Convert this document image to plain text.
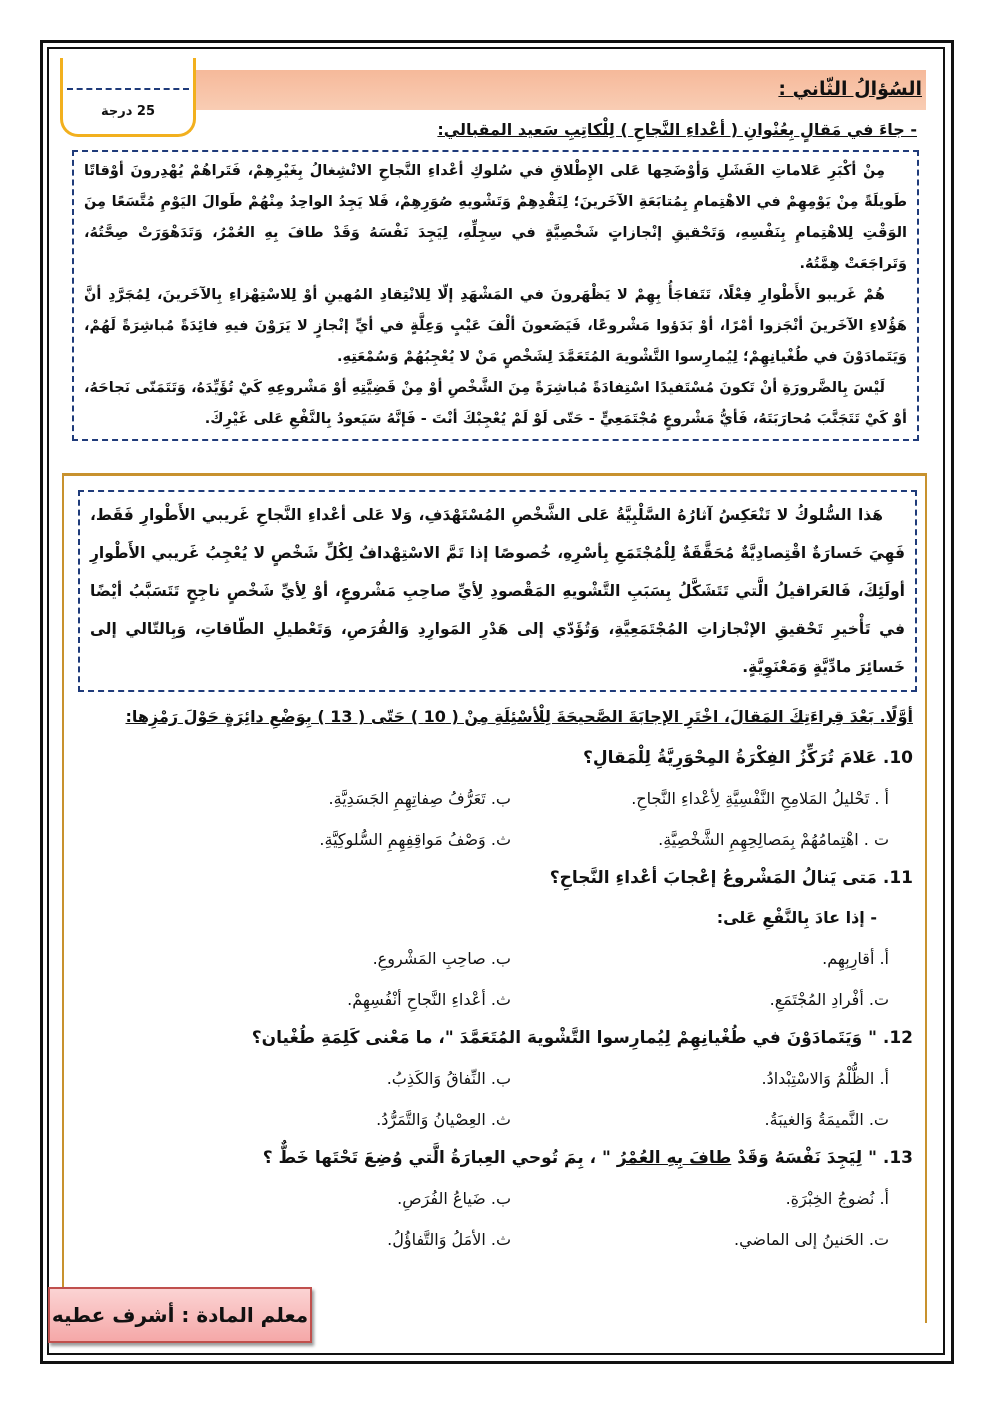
السُؤالُ الثّاني :
25 درجة
- جاءَ في مَقالٍ بِعُنْوانِ ( أعْداءِ النَّجاحِ ) لِلْكاتِبِ سَعيد المقبالي:

مِنْ أكْبَرِ عَلاماتِ الفَشَلِ وَأوْضَحِها عَلى الإِطْلاقِ في سُلوكِ أعْداءِ النَّجاحِ الانْشِغالُ بِغَيْرِهِمْ، فَتَراهُمْ يُهْدِرونَ أوْقاتًا طَويلَةً مِنْ يَوْمِهِمْ في الاهْتِمامِ بِمُتابَعَةِ الآخَرينَ؛ لِنَقْدِهِمْ وَتَشْويهِ صُوَرِهِمْ، فَلا يَجِدُ الواحِدُ مِنْهُمْ طَوالَ اليَوْمِ مُتَّسَعًا مِنَ الوَقْتِ لِلاهْتِمامِ بِنَفْسِهِ، وَتَحْقيقِ إنْجازاتٍ شَخْصِيَّةٍ في سِجِلِّهِ، لِيَجِدَ نَفْسَهُ وَقَدْ طافَ بِهِ العُمْرُ، وَتَدَهْوَرَتْ صِحَّتُهُ، وَتَراجَعَتْ هِمَّتُهُ.

هُمْ غَريبو الأَطْوارِ فِعْلًا، تَتَفاجَأُ بِهِمْ لا يَظْهَرونَ في المَشْهَدِ إلّا لِلانْتِقادِ المُهينِ أوْ لِلاسْتِهْزاءِ بِالآخَرينَ، لِمُجَرَّدِ أنَّ هَؤُلاءِ الآخَرينَ أنْجَزوا أمْرًا، أوْ بَدَؤوا مَشْروعًا، فَيَضَعونَ ألْفَ عَيْبٍ وَعِلَّةٍ في أيِّ إنْجازٍ لا يَرَوْنَ فيهِ فائِدَةً مُباشِرَةً لَهُمْ، وَيَتَمادَوْنَ في طُغْيانِهِمْ؛ لِيُمارِسوا التَّشْويهَ المُتَعَمَّدَ لِشَخْصٍ مَنْ لا يُعْجِبُهُمْ وَسُمْعَتِهِ.

لَيْسَ بِالضَّرورَةِ أنْ تَكونَ مُسْتَفيدًا اسْتِفادَةً مُباشِرَةً مِنَ الشَّخْصِ أوْ مِنْ قَضِيَّتِهِ أوْ مَشْروعِهِ كَيْ تُؤَيِّدَهُ، وَتَتَمَنّى نَجاحَهُ، أوْ كَيْ تَتَجَنَّبَ مُحارَبَتَهُ، فَأيُّ مَشْروعٍ مُجْتَمَعِيٍّ - حَتّى لَوْ لَمْ يُعْجِبْكَ أنْتَ - فَإنَّهُ سَيَعودُ بِالنَّفْعِ عَلى غَيْرِكَ.

هَذا السُّلوكُ لا تَنْعَكِسُ آثارُهُ السَّلْبِيَّةُ عَلى الشَّخْصِ المُسْتَهْدَفِ، وَلا عَلى أعْداءِ النَّجاحِ غَريبي الأَطْوارِ فَقَط، فَهِيَ خَسارَةٌ اقْتِصادِيَّةٌ مُحَقَّقَةٌ لِلْمُجْتَمَعِ بِأسْرِهِ، خُصوصًا إذا تَمَّ الاسْتِهْدافُ لِكُلِّ شَخْصٍ لا يُعْجِبُ غَريبي الأَطْوارِ أولَئِكَ، فَالعَراقيلُ الَّتي تَتَشَكَّلُ بِسَبَبِ التَّشْويهِ المَقْصودِ لِأيِّ صاحِبِ مَشْروعٍ، أوْ لِأيِّ شَخْصٍ ناجِحٍ تَتَسَبَّبُ أيْضًا في تَأْخيرِ تَحْقيقِ الإنْجازاتِ المُجْتَمَعِيَّةِ، وَتُؤَدّي إلى هَدْرِ المَوارِدِ وَالفُرَصِ، وَتَعْطيلِ الطّاقاتِ، وَبِالتّالي إلى خَسائِرَ مادِّيَّةٍ وَمَعْنَوِيَّةٍ.

أوَّلًا. بَعْدَ قِراءَتِكَ المَقالَ، اخْتَرِ الإجابَةَ الصَّحيحَةَ لِلْأسْئِلَةِ مِنْ ( 10 ) حَتّى ( 13 ) بِوَضْعِ دائِرَةٍ حَوْلَ رَمْزِها:
10. عَلامَ تُرَكِّزُ الفِكْرَةُ المِحْوَرِيَّةُ لِلْمَقالِ؟
أ . تَحْليلُ المَلامِحِ النَّفْسِيَّةِ لِأعْداءِ النَّجاحِ.
ب. تَعَرُّفُ صِفاتِهِمِ الجَسَدِيَّةِ.
ت . اهْتِمامُهُمْ بِمَصالِحِهِمِ الشَّخْصِيَّةِ.
ث. وَصْفُ مَواقِفِهِمِ السُّلوكِيَّةِ.
11. مَتى يَنالُ المَشْروعُ إعْجابَ أعْداءِ النَّجاحِ؟
- إذا عادَ بِالنَّفْعِ عَلى:
أ. أقارِبِهِم.
ب. صاحِبِ المَشْروعِ.
ت. أفْرادِ المُجْتَمَعِ.
ث. أعْداءِ النَّجاحِ أنْفُسِهِمْ.
12. " وَيَتَمادَوْنَ في طُغْيانِهِمْ لِيُمارِسوا التَّشْويهَ المُتَعَمَّدَ "، ما مَعْنى كَلِمَةِ طُغْيان؟
أ. الظُّلْمُ وَالاسْتِبْدادُ.
ب. النِّفاقُ وَالكَذِبُ.
ت. النَّميمَةُ وَالغيبَةُ.
ث. العِصْيانُ وَالتَّمَرُّدُ.
13. " لِيَجِدَ نَفْسَهُ وَقَدْ طافَ بِهِ العُمْرُ " ، بِمَ تُوحي العِبارَةُ الَّتي وُضِعَ تَحْتَها خَطٌّ ؟
أ. نُضوجُ الخِبْرَةِ.
ب. ضَياعُ الفُرَصِ.
ت. الحَنينُ إلى الماضي.
ث. الأمَلُ وَالتَّفاؤُلُ.
معلم المادة : أشرف عطيه
